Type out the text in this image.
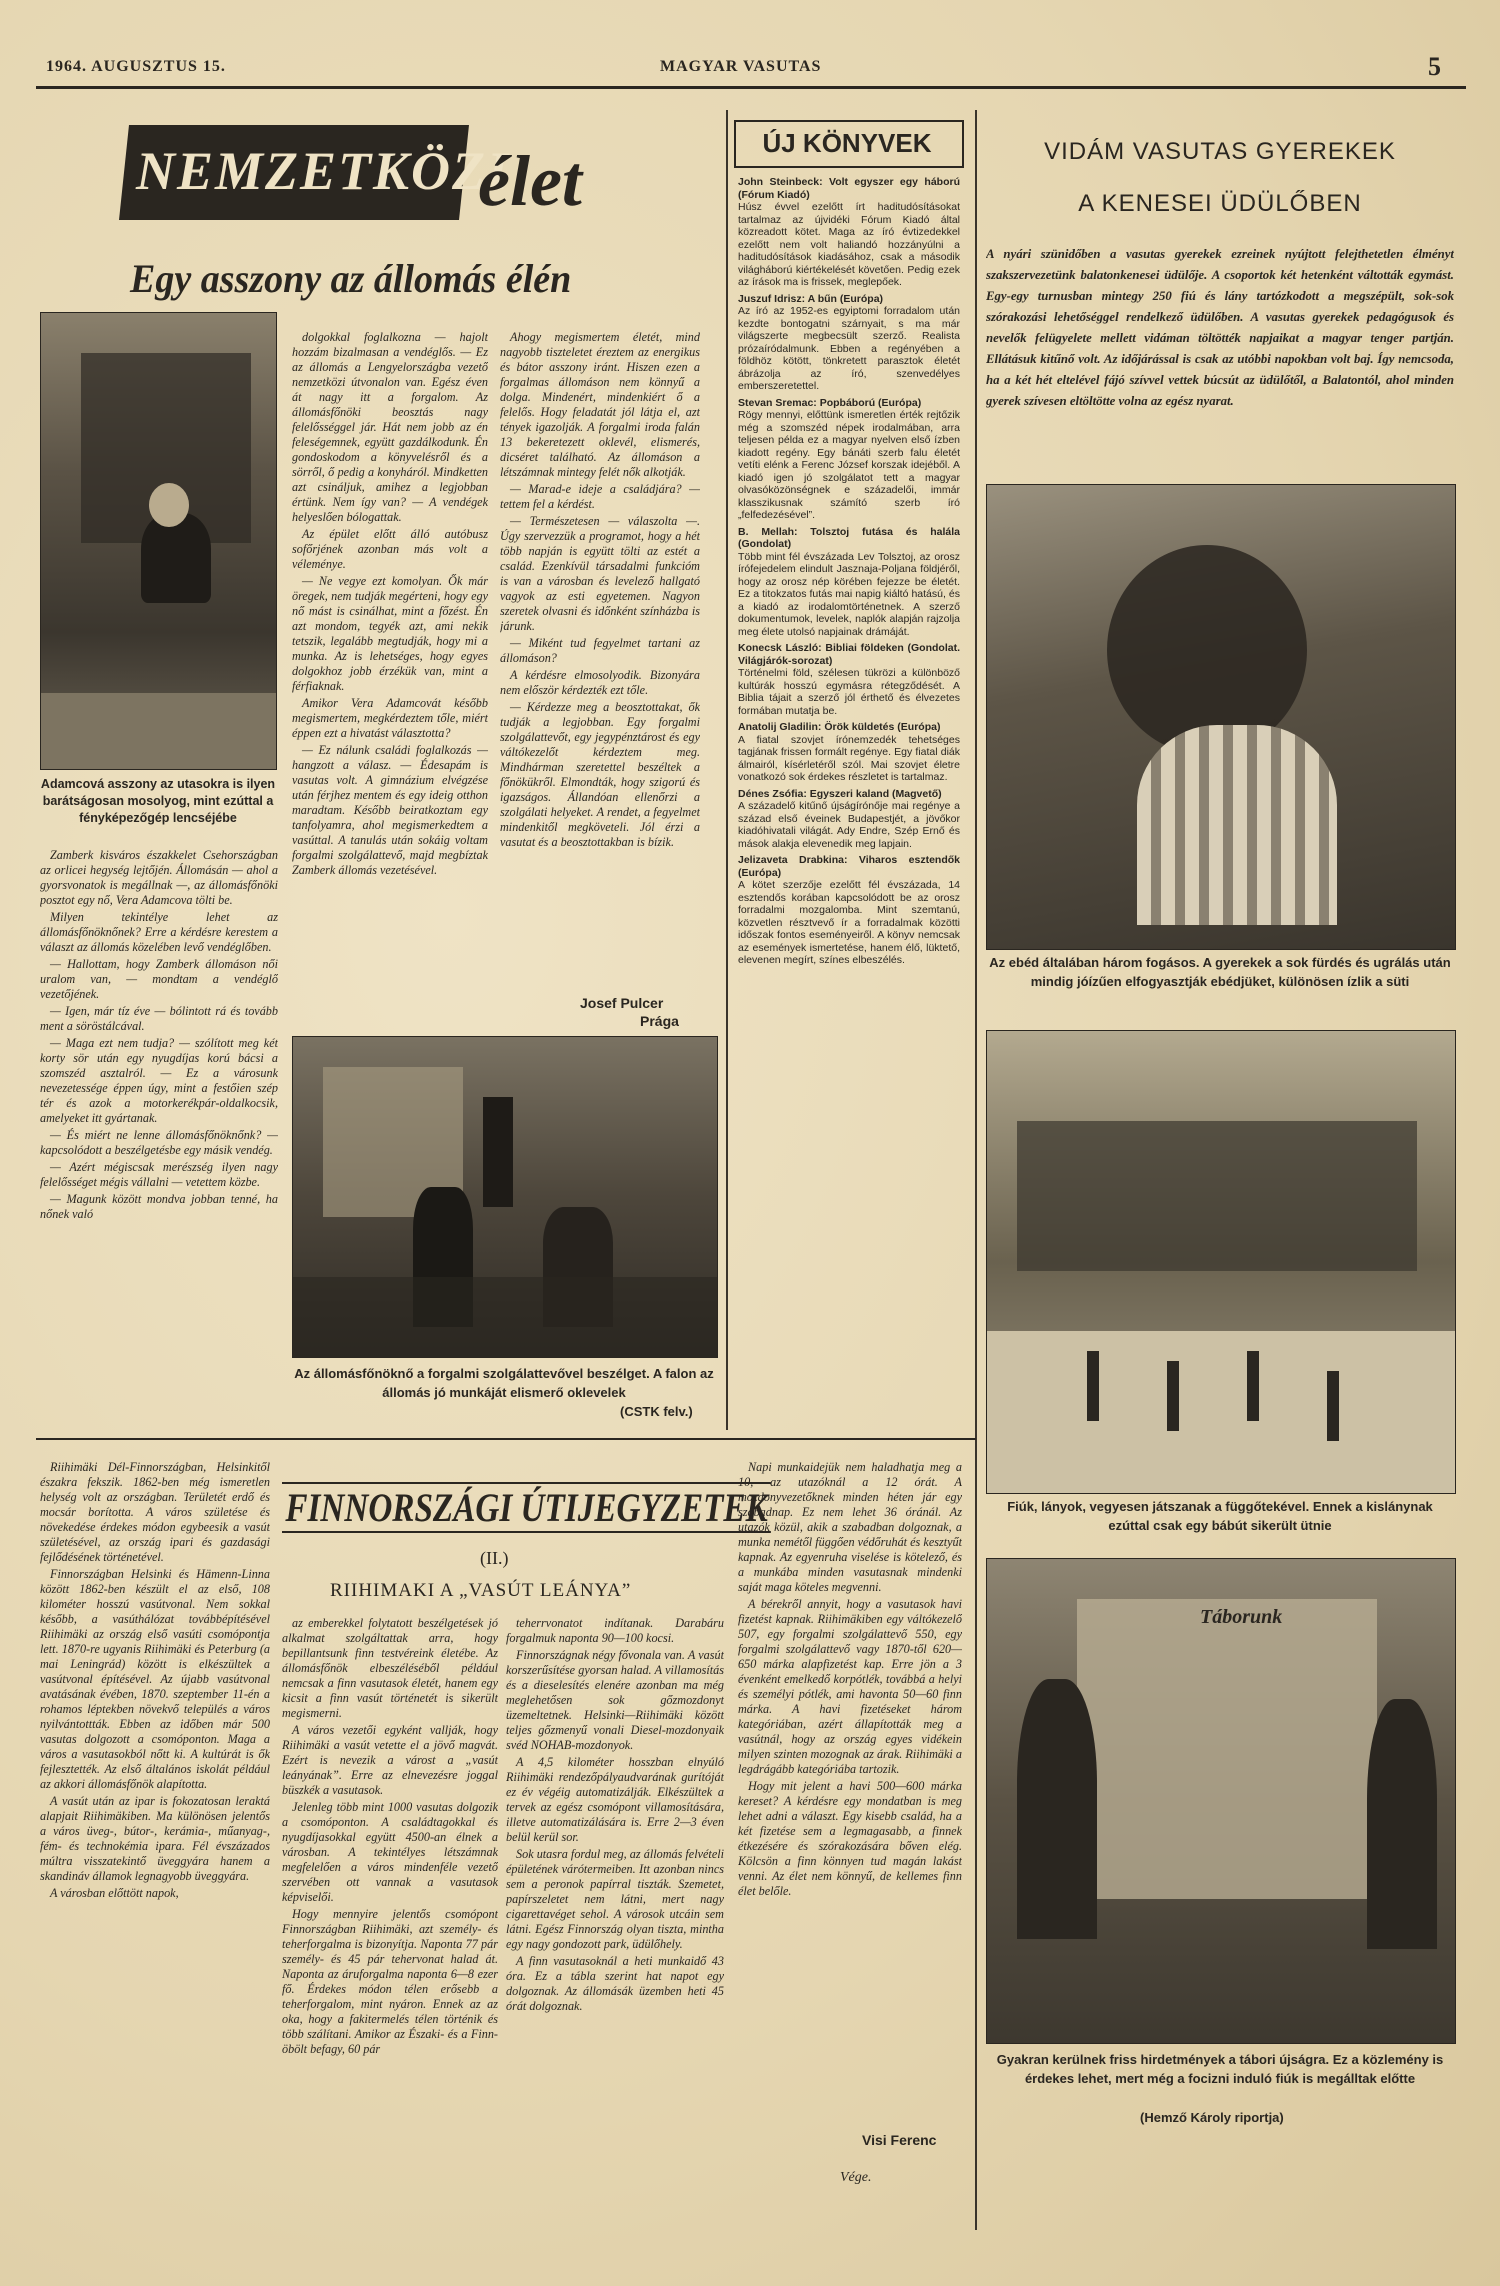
1964. AUGUSZTUS 15.	MAGYAR VASUTAS	5
NEMZETKÖZI
élet
Egy asszony az állomás élén
Adamcová asszony az utasokra is ilyen barátságosan mosolyog, mint ezúttal a fényképezőgép lencséjébe

Zamberk kisváros északkelet Csehországban az orlicei hegység lejtőjén. Állomásán — ahol a gyorsvonatok is megállnak —, az állomásfőnöki posztot egy nő, Vera Adamcova tölti be.

Milyen tekintélye lehet az állomásfőnöknőnek? Erre a kérdésre kerestem a választ az állomás közelében levő vendéglőben.

— Hallottam, hogy Zamberk állomáson női uralom van, — mondtam a vendéglő vezetőjének.

— Igen, már tíz éve — bólintott rá és tovább ment a söröstálcával.

— Maga ezt nem tudja? — szólított meg két korty sör után egy nyugdíjas korú bácsi a szomszéd asztalról. — Ez a városunk nevezetessége éppen úgy, mint a festőien szép tér és azok a motorkerékpár-oldalkocsik, amelyeket itt gyártanak.

— És miért ne lenne állomásfőnöknőnk? — kapcsolódott a beszélgetésbe egy másik vendég.

— Azért mégiscsak merészség ilyen nagy felelősséget mégis vállalni — vetettem közbe.

— Magunk között mondva jobban tenné, ha nőnek való

dolgokkal foglalkozna — hajolt hozzám bizalmasan a vendéglős. — Ez az állomás a Lengyelországba vezető nemzetközi útvonalon van. Egész éven át nagy itt a forgalom. Az állomásfőnöki beosztás nagy felelősséggel jár. Hát nem jobb az én feleségemnek, együtt gazdálkodunk. Én gondoskodom a könyvelésről és a sörről, ő pedig a konyháról. Mindketten azt csináljuk, amihez a legjobban értünk. Nem így van? — A vendégek helyeslően bólogattak.

Az épület előtt álló autóbusz sofőrjének azonban más volt a véleménye.

— Ne vegye ezt komolyan. Ők már öregek, nem tudják megérteni, hogy egy nő mást is csinálhat, mint a főzést. Én azt mondom, tegyék azt, ami nekik tetszik, legalább megtudják, hogy mi a munka. Az is lehetséges, hogy egyes dolgokhoz jobb érzékük van, mint a férfiaknak.

Amikor Vera Adamcovát később megismertem, megkérdeztem tőle, miért éppen ezt a hivatást választotta?

— Ez nálunk családi foglalkozás — hangzott a válasz. — Édesapám is vasutas volt. A gimnázium elvégzése után férjhez mentem és egy ideig otthon maradtam. Később beiratkoztam egy tanfolyamra, ahol megismerkedtem a vasúttal. A tanulás után sokáig voltam forgalmi szolgálattevő, majd megbíztak Zamberk állomás vezetésével.

Ahogy megismertem életét, mind nagyobb tiszteletet éreztem az energikus és bátor asszony iránt. Hiszen ezen a forgalmas állomáson nem könnyű a dolga. Mindenért, mindenkiért ő a felelős. Hogy feladatát jól látja el, azt tények igazolják. A forgalmi iroda falán 13 bekeretezett oklevél, elismerés, dicséret található. Az állomáson a létszámnak mintegy felét nők alkotják.

— Marad-e ideje a családjára? — tettem fel a kérdést.

— Természetesen — válaszolta —. Úgy szervezzük a programot, hogy a hét több napján is együtt tölti az estét a család. Ezenkívül társadalmi funkcióm is van a városban és levelező hallgató vagyok az esti egyetemen. Nagyon szeretek olvasni és időnként színházba is járunk.

— Miként tud fegyelmet tartani az állomáson?

A kérdésre elmosolyodik. Bizonyára nem először kérdezték ezt tőle.

— Kérdezze meg a beosztottakat, ők tudják a legjobban. Egy forgalmi szolgálattevőt, egy jegypénztárost és egy váltókezelőt kérdeztem meg. Mindhárman szeretettel beszéltek a főnökükről. Elmondták, hogy szigorú és igazságos. Állandóan ellenőrzi a szolgálati helyeket. A rendet, a fegyelmet mindenkitől megköveteli. Jól érzi a vasutat és a beosztottakban is bízik.

Josef Pulcer
Prága
Az állomásfőnöknő a forgalmi szolgálattevővel beszélget. A falon az állomás jó munkáját elismerő oklevelek
(CSTK felv.)
ÚJ KÖNYVEK
John Steinbeck: Volt egyszer egy háború (Fórum Kiadó)

Húsz évvel ezelőtt írt haditudósításokat tartalmaz az újvidéki Fórum Kiadó által közreadott kötet. Maga az író évtizedekkel ezelőtt nem volt haliandó hozzányúlni a haditudósítások kiadásához, csak a második világháború kiértékelését követően. Pedig ezek az írások ma is frissek, meglepőek.

Juszuf Idrisz: A bűn (Európa)

Az író az 1952-es egyiptomi forradalom után kezdte bontogatni szárnyait, s ma már világszerte megbecsült szerző. Realista prózaíródalmunk. Ebben a regényében a földhöz kötött, tönkretett parasztok életét ábrázolja az író, szenvedélyes emberszeretettel.

Stevan Sremac: Popbáború (Európa)

Rögy mennyi, előttünk ismeretlen érték rejtőzik még a szomszéd népek irodalmában, arra teljesen példa ez a magyar nyelven első ízben kiadott regény. Egy bánáti szerb falu életét vetíti elénk a Ferenc József korszak idejéből. A kiadó igen jó szolgálatot tett a magyar olvasóközönségnek e századelői, immár klasszikusnak számító szerb író „felfedezésével”.

B. Mellah: Tolsztoj futása és halála (Gondolat)

Több mint fél évszázada Lev Tolsztoj, az orosz írófejedelem elindult Jasznaja-Poljana földjéről, hogy az orosz nép körében fejezze be életét. Ez a titokzatos futás mai napig kiáltó hatású, és a kiadó az irodalomtörténetnek. A szerző dokumentumok, levelek, naplók alapján rajzolja meg élete utolsó napjainak drámáját.

Konecsk László: Bibliai földeken (Gondolat. Világjárók-sorozat)

Történelmi föld, szélesen tükrözi a különböző kultúrák hosszú egymásra rétegződését. A Biblia tájait a szerző jól érthető és élvezetes formában mutatja be.

Anatolij Gladilin: Örök küldetés (Európa)

A fiatal szovjet írónemzedék tehetséges tagjának frissen formált regénye. Egy fiatal diák álmairól, kísérletéről szól. Mai szovjet életre vonatkozó sok érdekes részletet is tartalmaz.

Dénes Zsófia: Egyszeri kaland (Magvető)

A századelő kitűnő újságírónője mai regénye a század első éveinek Budapestjét, a jövőkor kiadóhivatali világát. Ady Endre, Szép Ernő és mások alakja elevenedik meg lapjain.

Jelizaveta Drabkina: Viharos esztendők (Európa)

A kötet szerzője ezelőtt fél évszázada, 14 esztendős korában kapcsolódott be az orosz forradalmi mozgalomba. Mint szemtanú, közvetlen résztvevő ír a forradalmak közötti időszak fontos eseményeiről. A könyv nemcsak az események ismertetése, hanem élő, lüktető, elevenen megírt, színes elbeszélés.

VIDÁM VASUTAS GYEREKEK
A KENESEI ÜDÜLŐBEN
A nyári szünidőben a vasutas gyerekek ezreinek nyújtott felejthetetlen élményt szakszervezetünk balatonkenesei üdülője. A csoportok két hetenként váltották egymást. Egy-egy turnusban mintegy 250 fiú és lány tartózkodott a megszépült, sok-sok szórakozási lehetőséggel rendelkező üdülőben. A vasutas gyerekek pedagógusok és nevelők felügyelete mellett vidáman töltötték napjaikat a magyar tenger partján. Ellátásuk kitűnő volt. Az időjárással is csak az utóbbi napokban volt baj. Így nemcsoda, ha a két hét eltelével fájó szívvel vettek búcsút az üdülőtől, a Balatontól, ahol minden gyerek szívesen eltöltötte volna az egész nyarat.
Az ebéd általában három fogásos. A gyerekek a sok fürdés és ugrálás után mindig jóízűen elfogyasztják ebédjüket, különösen ízlik a süti
Fiúk, lányok, vegyesen játszanak a függőtekével. Ennek a kislánynak ezúttal csak egy bábút sikerült ütnie
Táborunk
Gyakran kerülnek friss hirdetmények a tábori újságra. Ez a közlemény is érdekes lehet, mert még a focizni induló fiúk is megálltak előtte
(Hemző Károly riportja)

Riihimäki Dél-Finnországban, Helsinkitől északra fekszik. 1862-ben még ismeretlen helység volt az országban. Területét erdő és mocsár borította. A város születése és növekedése érdekes módon egybeesik a vasút születésével, az ország ipari és gazdasági fejlődésének történetével.

Finnországban Helsinki és Hämenn-Linna között 1862-ben készült el az első, 108 kilométer hosszú vasútvonal. Nem sokkal később, a vasúthálózat továbbépítésével Riihimäki az ország első vasúti csomópontja lett. 1870-re ugyanis Riihimäki és Peterburg (a mai Leningrád) között is elkészültek a vasútvonal építésével. Az újabb vasútvonal avatásának évében, 1870. szeptember 11-én a rohamos léptekben növekvő település a város nyilvántottták. Ebben az időben már 500 vasutas dolgozott a csomóponton. Maga a város a vasutasokból nőtt ki. A kultúrát is ők fejlesztették. Az első általános iskolát például az akkori állomásfőnök alapította.

A vasút után az ipar is fokozatosan leraktá alapjait Riihimäkiben. Ma különösen jelentős a város üveg-, bútor-, kerámia-, műanyag-, fém- és technokémia ipara. Fél évszázados múltra visszatekintő üveggyára hanem a skandináv államok legnagyobb üveggyára.

A városban előttött napok,

FINNORSZÁGI ÚTIJEGYZETEK
(II.)
RIIHIMAKI A „VASÚT LEÁNYA”

az emberekkel folytatott beszélgetések jó alkalmat szolgáltattak arra, hogy bepillantsunk finn testvéreink életébe. Az állomásfőnök elbeszéléséből például nemcsak a finn vasutasok életét, hanem egy kicsit a finn vasút történetét is sikerült megismerni.

A város vezetői egyként vallják, hogy Riihimäki a vasút vetette el a jövő magvát. Ezért is nevezik a várost a „vasút leányának”. Erre az elnevezésre joggal büszkék a vasutasok.

Jelenleg több mint 1000 vasutas dolgozik a csomóponton. A családtagokkal és nyugdíjasokkal együtt 4500-an élnek a városban. A tekintélyes létszámnak megfelelően a város mindenféle vezető szervében ott vannak a vasutasok képviselői.

Hogy mennyire jelentős csomópont Finnországban Riihimäki, azt személy- és teherforgalma is bizonyítja. Naponta 77 pár személy- és 45 pár tehervonat halad át. Naponta az áruforgalma naponta 6—8 ezer fő. Érdekes módon télen erősebb a teherforgalom, mint nyáron. Ennek az az oka, hogy a fakitermelés télen történik és több szálítani. Amikor az Északi- és a Finn-öbölt befagy, 60 pár

teherrvonatot indítanak. Darabáru forgalmuk naponta 90—100 kocsi.

Finnországnak négy fővonala van. A vasút korszerűsítése gyorsan halad. A villamosítás és a dieselesítés elenére azonban ma még meglehetősen sok gőzmozdonyt üzemeltetnek. Helsinki—Riihimäki között teljes gőzmenyű vonali Diesel-mozdonyaik svéd NOHAB-mozdonyok.

A 4,5 kilométer hosszban elnyúló Riihimäki rendezőpályaudvarának gurítóját ez év végéig automatizálják. Elkészültek a tervek az egész csomópont villamosítására, illetve automatizálására is. Erre 2—3 éven belül kerül sor.

Sok utasra fordul meg, az állomás felvételi épületének várótermeiben. Itt azonban nincs sem a peronok papírral tiszták. Szemetet, papírszeletet nem látni, mert nagy cigarettavéget sehol. A városok utcáin sem látni. Egész Finnország olyan tiszta, mintha egy nagy gondozott park, üdülőhely.

A finn vasutasoknál a heti munkaidő 43 óra. Ez a tábla szerint hat napot egy dolgoznak. Az állomásák üzemben heti 45 órát dolgoznak.

Napi munkaidejük nem haladhatja meg a 10, az utazóknál a 12 órát. A mozdonyvezetőknek minden héten jár egy szabadnap. Ez nem lehet 36 óránál. Az utazók közül, akik a szabadban dolgoznak, a munka nemétől függően védőruhát és kesztyűt kapnak. Az egyenruha viselése is kötelező, és a munkába minden vasutasnak mindenki saját maga köteles megvenni.

A bérekről annyit, hogy a vasutasok havi fizetést kapnak. Riihimäkiben egy váltókezelő 507, egy forgalmi szolgálattevő 550, egy forgalmi szolgálattevő vagy 1870-től 620—650 márka alapfizetést kap. Erre jön a 3 évenként emelkedő korpótlék, továbbá a helyi és személyi pótlék, ami havonta 50—60 finn márka. A havi fizetéseket három kategóriában, azért állapították meg a vasútnál, hogy az ország egyes vidékein milyen szinten mozognak az árak. Riihimäki a legdrágább kategóriába tartozik.

Hogy mit jelent a havi 500—600 márka kereset? A kérdésre egy mondatban is meg lehet adni a választ. Egy kisebb család, ha a két fizetése sem a legmagasabb, a finnek étkezésére és szórakozására bőven elég. Kölcsön a finn könnyen tud magán lakást venni. Az élet nem könnyű, de kellemes finn élet belőle.

Visi Ferenc
Vége.
